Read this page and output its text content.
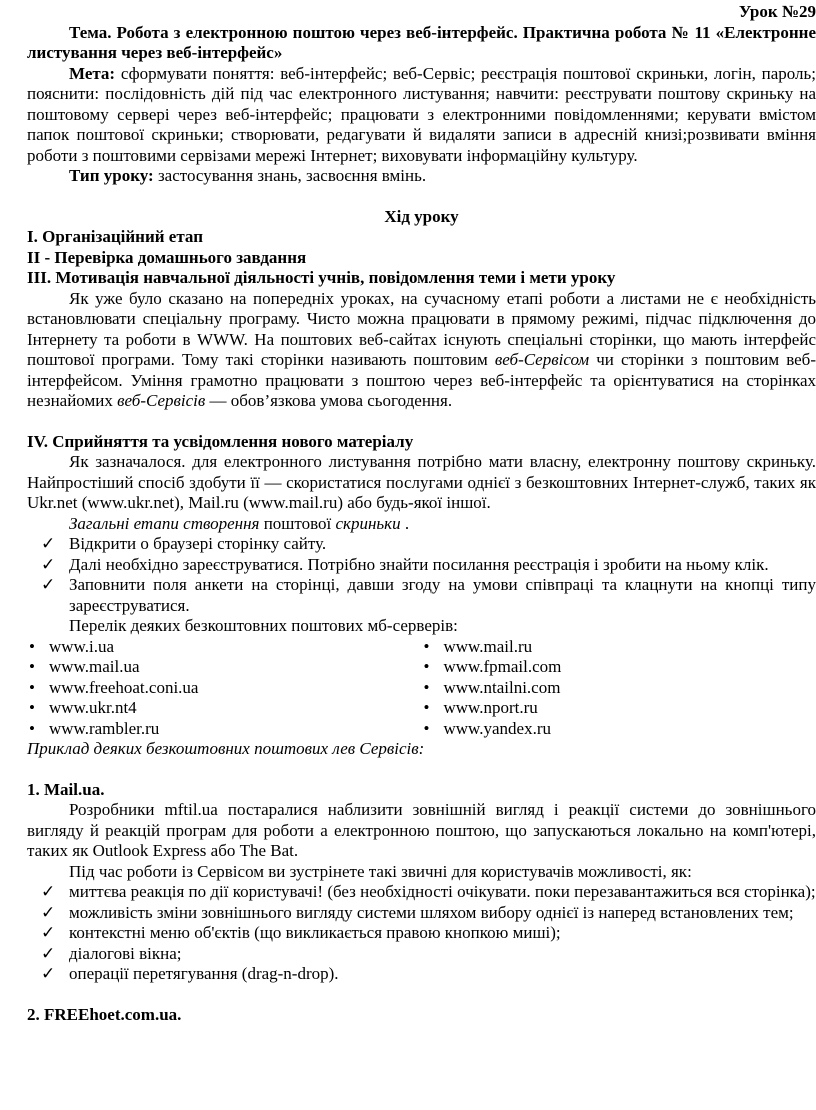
Урок №29

Тема. Робота з електронною поштою через веб-інтерфейс. Практична робота № 11 «Електронне листування через веб-інтерфейс»

Мета: сформувати поняття: веб-інтерфейс; веб-Сервіс; реєстрація поштової скриньки, логін, пароль; пояснити: послідовність дій під час електронного листування; навчити: реєструвати поштову скриньку на поштовому сервері через веб-інтерфейс; працювати з електронними повідомленнями; керувати вмістом папок поштової скриньки; створювати, редагувати й видаляти записи в адресній книзі;розвивати вміння роботи з поштовими сервізами мережі Інтернет; виховувати інформаційну культуру.

Тип уроку: застосування знань, засвоєння вмінь.

Хід уроку

І. Організаційний етап

ІІ - Перевірка домашнього завдання

ІІІ. Мотивація навчальної діяльності учнів, повідомлення теми і мети уроку

Як уже було сказано на попередніх уроках, на сучасному етапі роботи а листами не є необхідність встановлювати спеціальну програму. Чисто можна працювати в прямому режимі, підчас підключення до Інтернету та роботи в WWW. На поштових веб-сайтах існують спеціальні сторінки, що мають інтерфейс поштової програми. Тому такі сторінки називають поштовим веб-Сервісом чи сторінки з поштовим веб-інтерфейсом. Уміння грамотно працювати з поштою через веб-інтерфейс та орієнтуватися на сторінках незнайомих веб-Сервісів — обов’язкова умова сьогодення.

IV. Сприйняття та усвідомлення нового матеріалу

Як зазначалося. для електронного листування потрібно мати власну, електронну поштову скриньку. Найпростіший спосіб здобути її — скористатися послугами однієї з безкоштовних Інтернет-служб, таких як Ukr.net (www.ukr.net), Mail.ru (www.mail.ru) або будь-якої іншої.

Загальні етапи створення поштової скриньки .

✓ Відкрити о браузері сторінку сайту.

✓ Далі необхідно зареєструватися. Потрібно знайти посилання реєстрація і зробити на ньому клік.

✓ Заповнити поля анкети на сторінці, давши згоду на умови співпраці та клацнути на кнопці типу зареєструватися.

Перелік деяких безкоштовних поштових мб-серверів:

• www.i.ua

• www.mail.ua

• www.freehoat.coni.ua

• www.ukr.nt4

• www.rambler.ru

• www.mail.ru

• www.fpmail.com

• www.ntailni.com

• www.nport.ru

• www.yandex.ru

Приклад деяких безкоштовних поштових лев Сервісів:

1. Mail.ua.

Розробники mftil.ua постаралися наблизити зовнішній вигляд і реакції системи до зовнішнього вигляду й реакцій програм для роботи а електронною поштою, що запускаються локально на комп'ютері, таких як Outlook Express або The Bat.

Під час роботи із Сервісом ви зустрінете такі звичні для користувачів можливості, як:

✓ миттєва реакція по дії користувачі! (без необхідності очікувати. поки перезавантажиться вся сторінка);

✓ можливість зміни зовнішнього вигляду системи шляхом вибору однієї із наперед встановлених тем;

✓ контекстні меню об'єктів (що викликається правою кнопкою миші);

✓ діалогові вікна;

✓ операції перетягування (drag-n-drop).

2. FREEhoet.com.ua.
